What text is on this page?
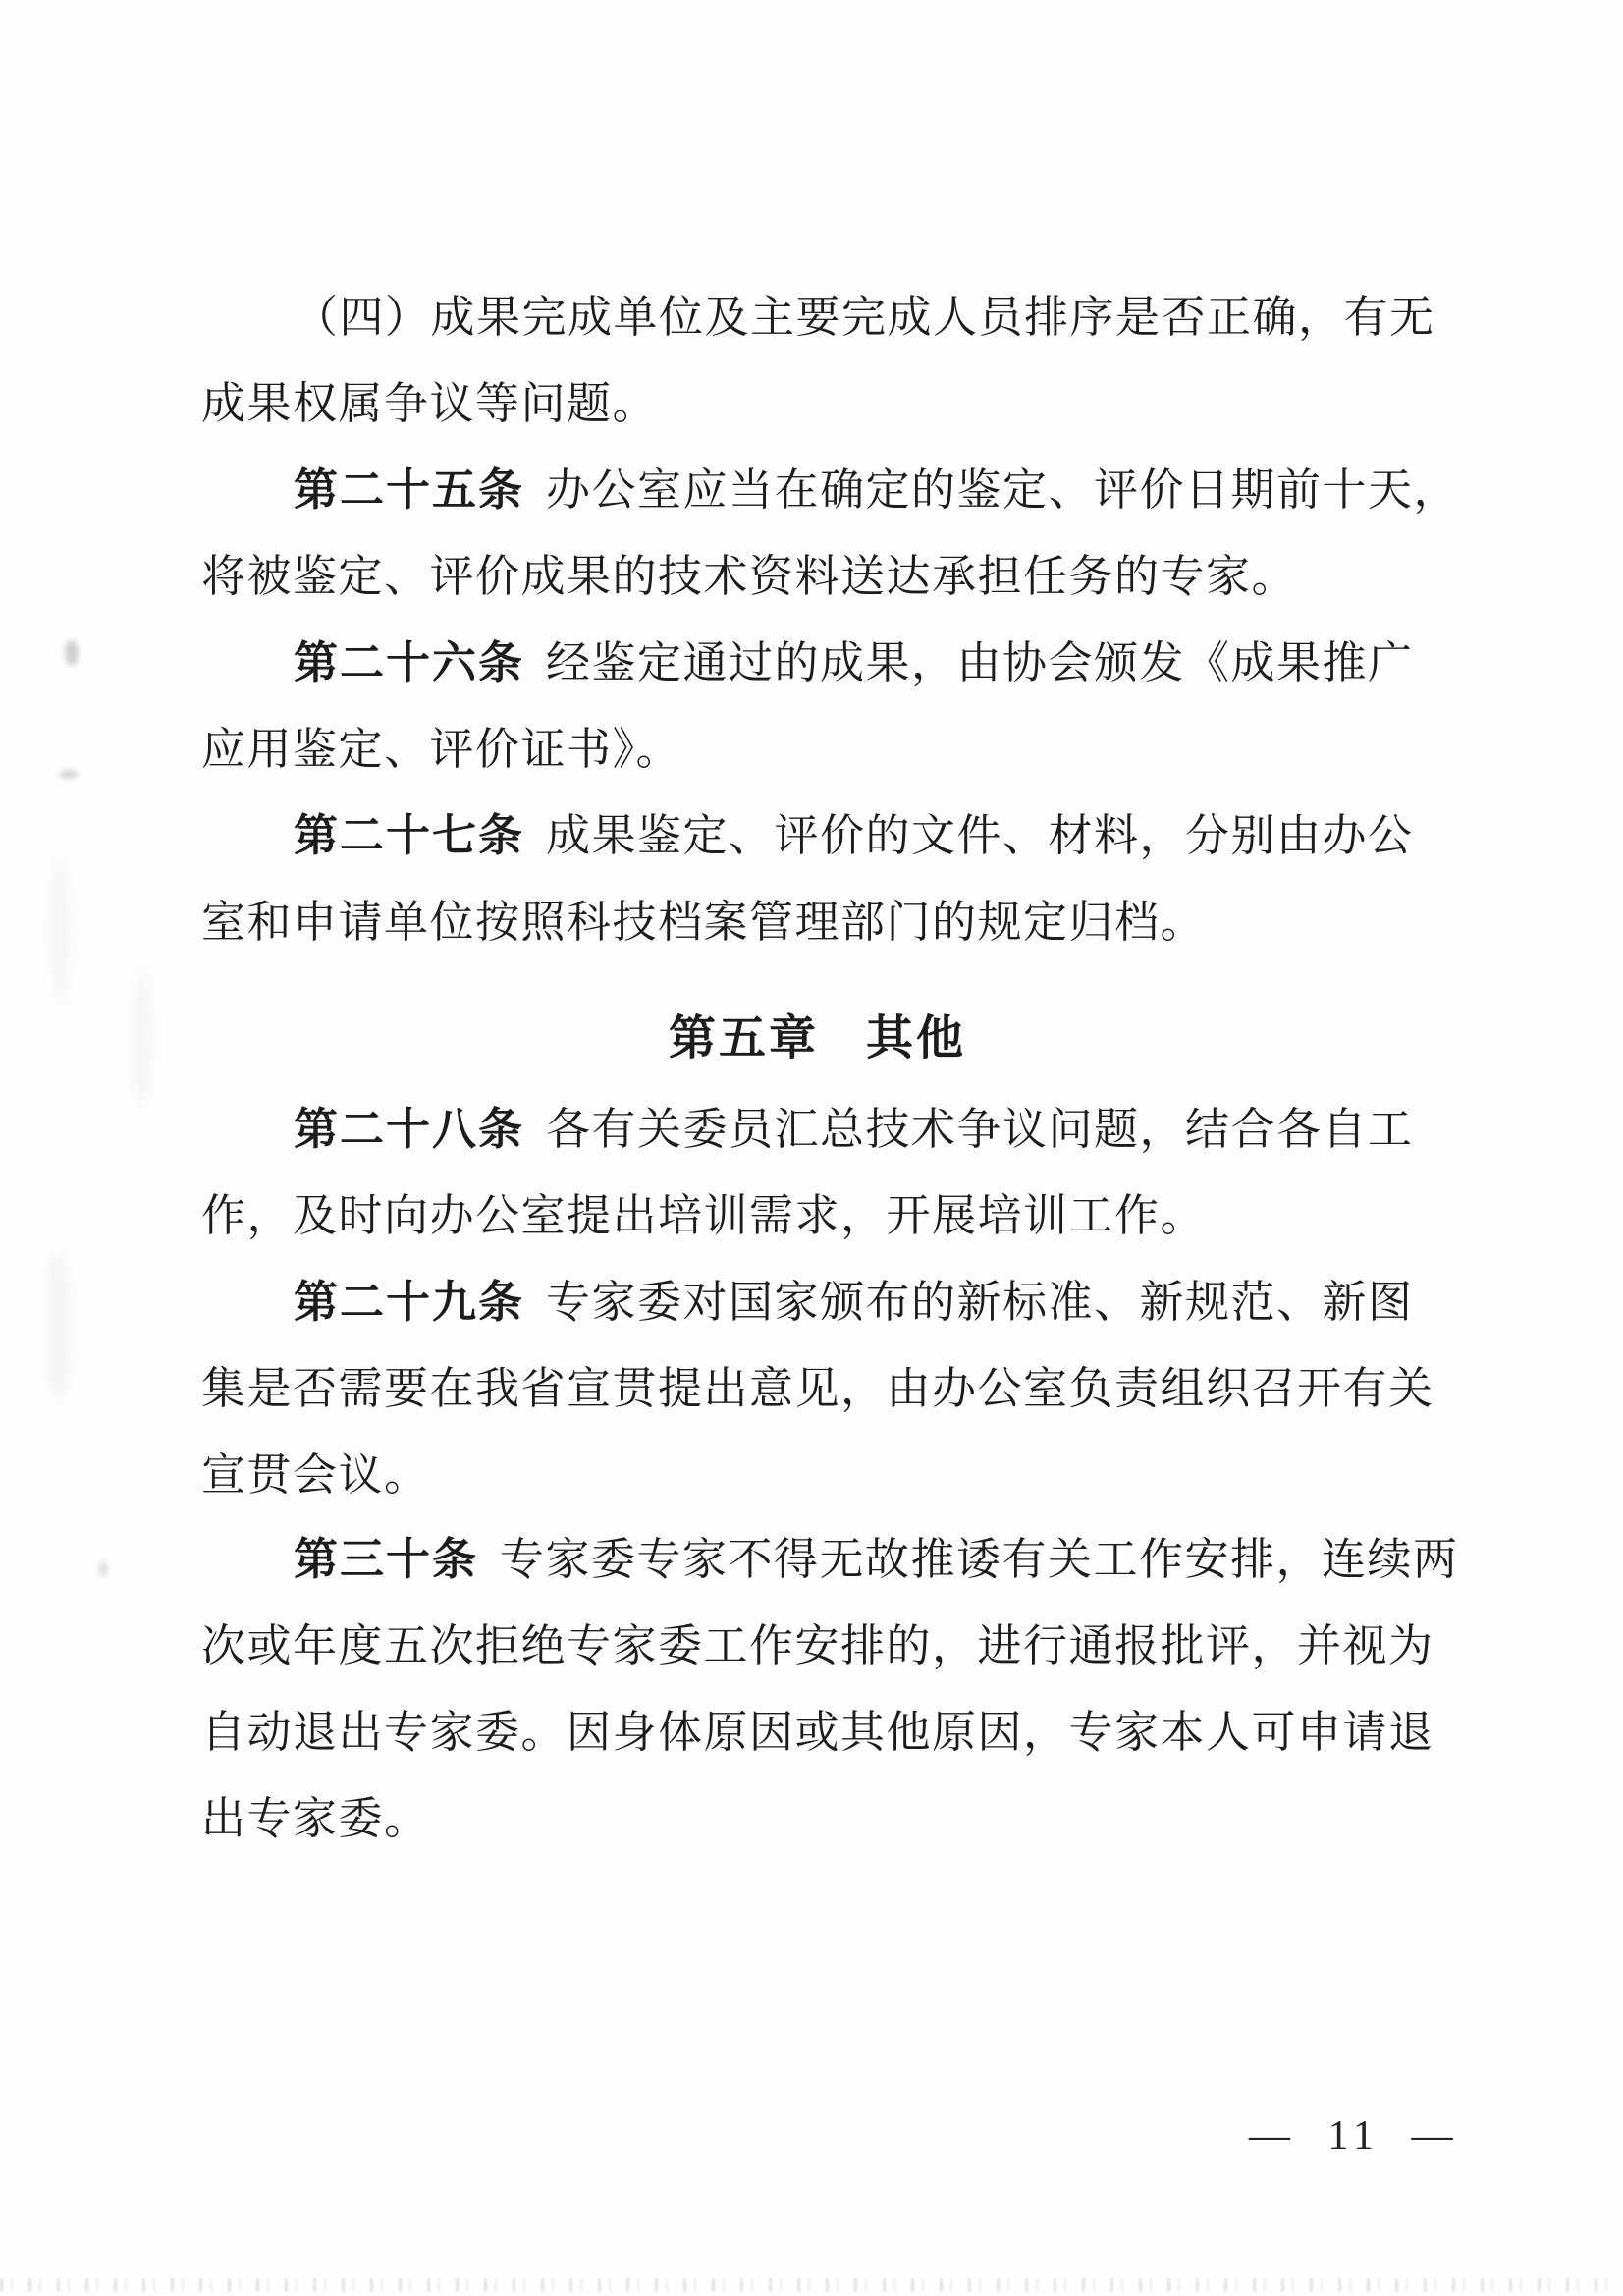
（四）成果完成单位及主要完成人员排序是否正确，有无

成果权属争议等问题。

第二十五条 办公室应当在确定的鉴定、评价日期前十天，

将被鉴定、评价成果的技术资料送达承担任务的专家。

第二十六条 经鉴定通过的成果，由协会颁发《成果推广

应用鉴定、评价证书》。

第二十七条 成果鉴定、评价的文件、材料，分别由办公

室和申请单位按照科技档案管理部门的规定归档。

第五章 其他

第二十八条 各有关委员汇总技术争议问题，结合各自工

作，及时向办公室提出培训需求，开展培训工作。

第二十九条 专家委对国家颁布的新标准、新规范、新图

集是否需要在我省宣贯提出意见，由办公室负责组织召开有关

宣贯会议。

第三十条 专家委专家不得无故推诿有关工作安排，连续两

次或年度五次拒绝专家委工作安排的，进行通报批评，并视为

自动退出专家委。因身体原因或其他原因，专家本人可申请退

出专家委。

— 11 —
